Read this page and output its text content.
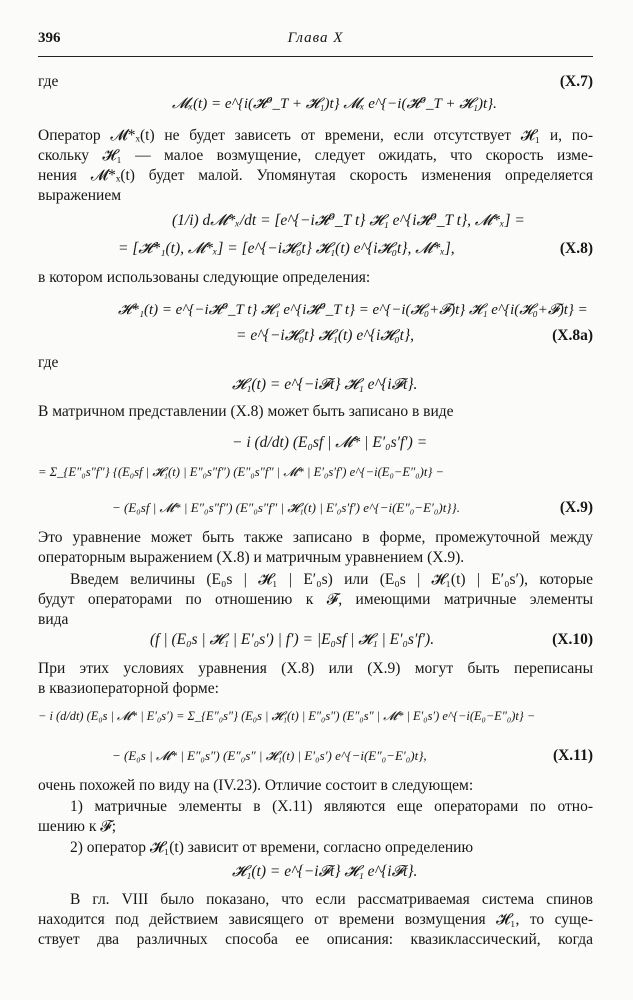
396	Глава X
где
𝓜ₓ(t) = e^{i(𝓗⁰_T + 𝓗₁)t} 𝓜ₓ e^{−i(𝓗⁰_T + 𝓗₁)t}.
(X.7)
Оператор 𝓜*ₓ(t) не будет зависеть от времени, если отсутствует 𝓗₁ и, по-
скольку 𝓗₁ — малое возмущение, следует ожидать, что скорость изме-
нения 𝓜*ₓ(t) будет малой. Упомянутая скорость изменения определяется
выражением
(1/i) d𝓜*ₓ/dt = [e^{−i𝓗⁰_T t} 𝓗₁ e^{i𝓗⁰_T t}, 𝓜*ₓ] =
= [𝓗*₁(t), 𝓜*ₓ] = [e^{−i𝓗₀t} 𝓗₁(t) e^{i𝓗₀t}, 𝓜*ₓ],	(X.8)
в котором использованы следующие определения:
𝓗*₁(t) = e^{−i𝓗⁰_T t} 𝓗₁ e^{i𝓗⁰_T t} = e^{−i(𝓗₀+𝓕)t} 𝓗₁ e^{i(𝓗₀+𝓕)t} =
= e^{−i𝓗₀t} 𝓗₁(t) e^{i𝓗₀t},	(X.8a)
где
𝓗₁(t) = e^{−i𝓕t} 𝓗₁ e^{i𝓕t}.
В матричном представлении (X.8) может быть записано в виде
− i (d/dt) (E₀sf | 𝓜* | E′₀s′f′) =
= Σ_{E″₀s″f″} {(E₀sf | 𝓗₁(t) | E″₀s″f″) (E″₀s″f″ | 𝓜* | E′₀s′f′) e^{−i(E₀−E″₀)t} −
− (E₀sf | 𝓜* | E″₀s″f″) (E″₀s″f″ | 𝓗₁(t) | E′₀s′f′) e^{−i(E″₀−E′₀)t}}.	(X.9)
Это уравнение может быть также записано в форме, промежуточной между
операторным выражением (X.8) и матричным уравнением (X.9).
Введем величины (E₀s | 𝓗₁ | E′₀s) или (E₀s | 𝓗₁(t) | E′₀s′), которые
будут операторами по отношению к 𝓕, имеющими матричные элементы
вида
(f | (E₀s | 𝓗₁ | E′₀s′) | f′) = |E₀sf | 𝓗₁ | E′₀s′f′).	(X.10)
При этих условиях уравнения (X.8) или (X.9) могут быть переписаны
в квазиоператорной форме:
− i (d/dt) (E₀s | 𝓜* | E′₀s′) = Σ_{E″₀s″} (E₀s | 𝓗₁(t) | E″₀s″) (E″₀s″ | 𝓜* | E′₀s′) e^{−i(E₀−E″₀)t} −
− (E₀s | 𝓜* | E″₀s″) (E″₀s″ | 𝓗₁(t) | E′₀s′) e^{−i(E″₀−E′₀)t},	(X.11)
очень похожей по виду на (IV.23). Отличие состоит в следующем:
1) матричные элементы в (X.11) являются еще операторами по отно-
шению к 𝓕;
2) оператор 𝓗₁(t) зависит от времени, согласно определению
𝓗₁(t) = e^{−i𝓕t} 𝓗₁ e^{i𝓕t}.
В гл. VIII было показано, что если рассматриваемая система спинов
находится под действием зависящего от времени возмущения 𝓗₁, то суще-
ствует два различных способа ее описания: квазиклассический, когда
